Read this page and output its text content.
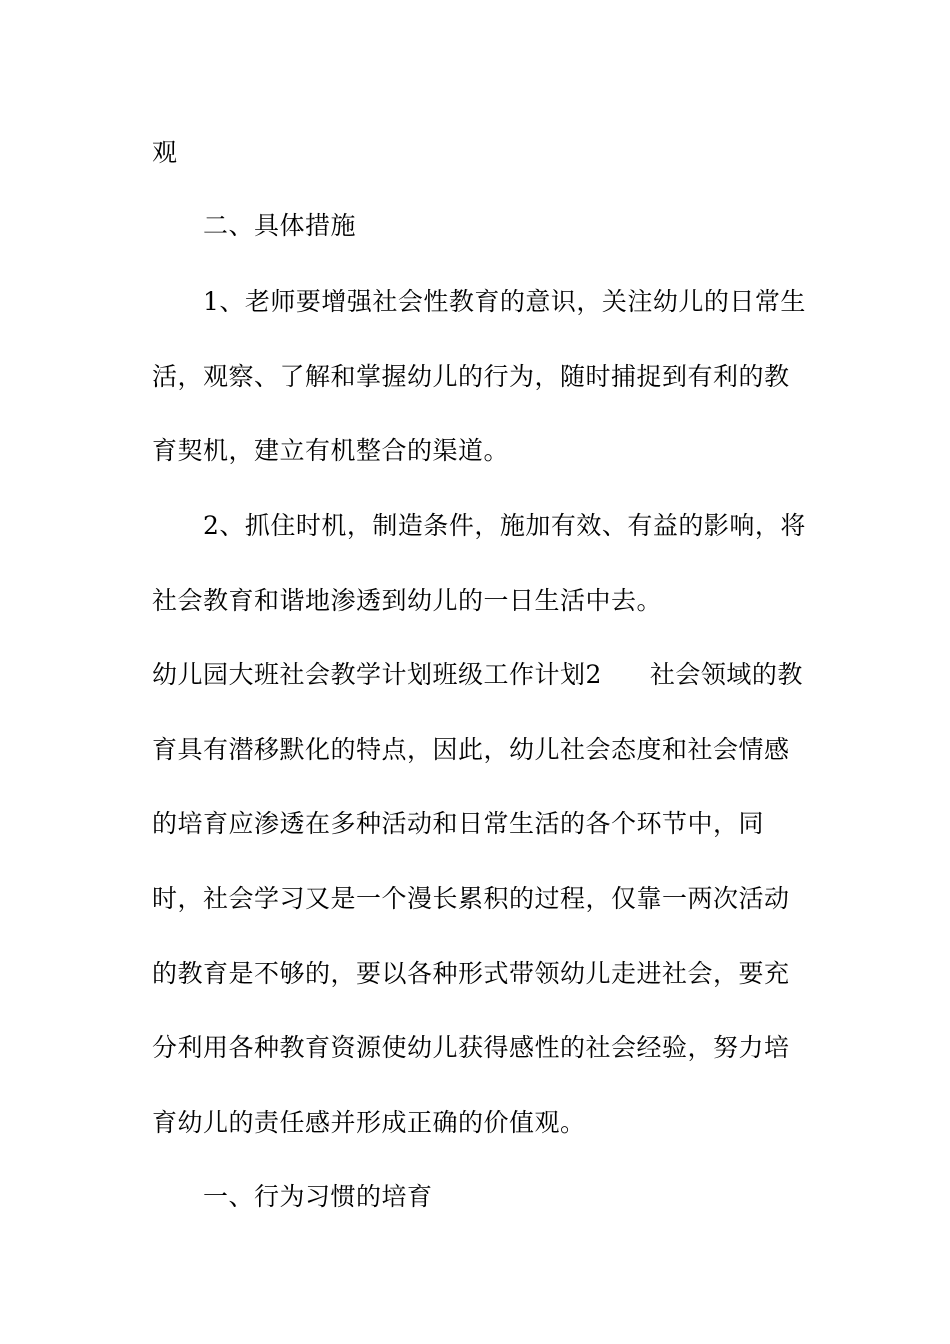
观
二、具体措施
1、老师要增强社会性教育的意识，关注幼儿的日常生
活，观察、了解和掌握幼儿的行为，随时捕捉到有利的教
育契机，建立有机整合的渠道。
2、抓住时机，制造条件，施加有效、有益的影响，将
社会教育和谐地渗透到幼儿的一日生活中去。
幼儿园大班社会教学计划班级工作计划2 社会领域的教
育具有潜移默化的特点，因此，幼儿社会态度和社会情感
的培育应渗透在多种活动和日常生活的各个环节中，同
时，社会学习又是一个漫长累积的过程，仅靠一两次活动
的教育是不够的，要以各种形式带领幼儿走进社会，要充
分利用各种教育资源使幼儿获得感性的社会经验，努力培
育幼儿的责任感并形成正确的价值观。
一、行为习惯的培育
